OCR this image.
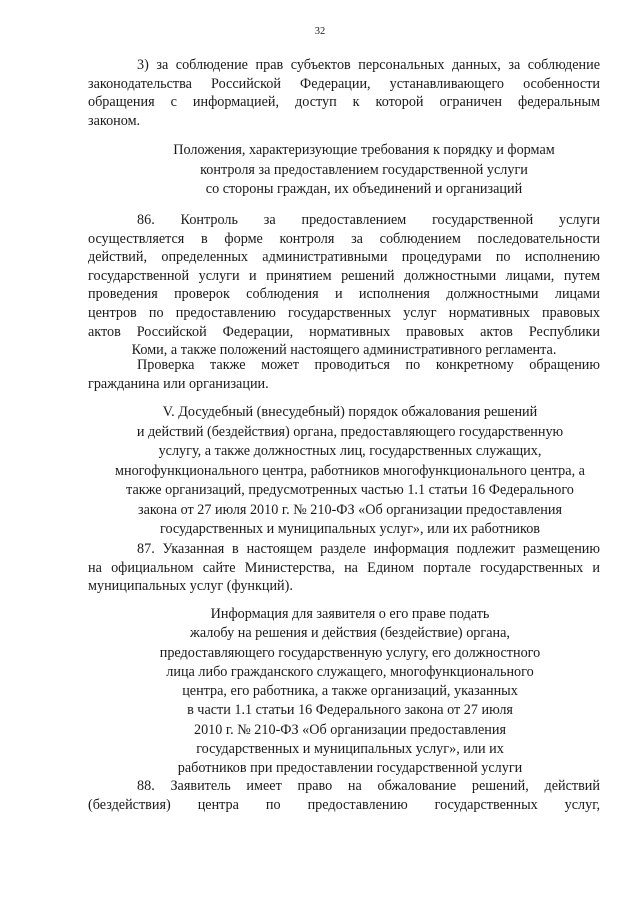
32
3) за соблюдение прав субъектов персональных данных, за соблюдение
законодательства Российской Федерации, устанавливающего особенности
обращения с информацией, доступ к которой ограничен федеральным
законом.
Положения, характеризующие требования к порядку и формам
контроля за предоставлением государственной услуги
со стороны граждан, их объединений и организаций
86. Контроль за предоставлением государственной услуги
осуществляется в форме контроля за соблюдением последовательности
действий, определенных административными процедурами по исполнению
государственной услуги и принятием решений должностными лицами, путем
проведения проверок соблюдения и исполнения должностными лицами
центров по предоставлению государственных услуг нормативных правовых
актов Российской Федерации, нормативных правовых актов Республики
Коми, а также положений настоящего административного регламента.
Проверка также может проводиться по конкретному обращению
гражданина или организации.
V. Досудебный (внесудебный) порядок обжалования решений
и действий (бездействия) органа, предоставляющего государственную
услугу, а также должностных лиц, государственных служащих,
многофункционального центра, работников многофункционального центра, а
также организаций, предусмотренных частью 1.1 статьи 16 Федерального
закона от 27 июля 2010 г. № 210-ФЗ «Об организации предоставления
государственных и муниципальных услуг», или их работников
87. Указанная в настоящем разделе информация подлежит размещению
на официальном сайте Министерства, на Едином портале государственных и
муниципальных услуг (функций).
Информация для заявителя о его праве подать
жалобу на решения и действия (бездействие) органа,
предоставляющего государственную услугу, его должностного
лица либо гражданского служащего, многофункционального
центра, его работника, а также организаций, указанных
в части 1.1 статьи 16 Федерального закона от 27 июля
2010 г. № 210-ФЗ «Об организации предоставления
государственных и муниципальных услуг», или их
работников при предоставлении государственной услуги
88. Заявитель имеет право на обжалование решений, действий
(бездействия) центра по предоставлению государственных услуг,
